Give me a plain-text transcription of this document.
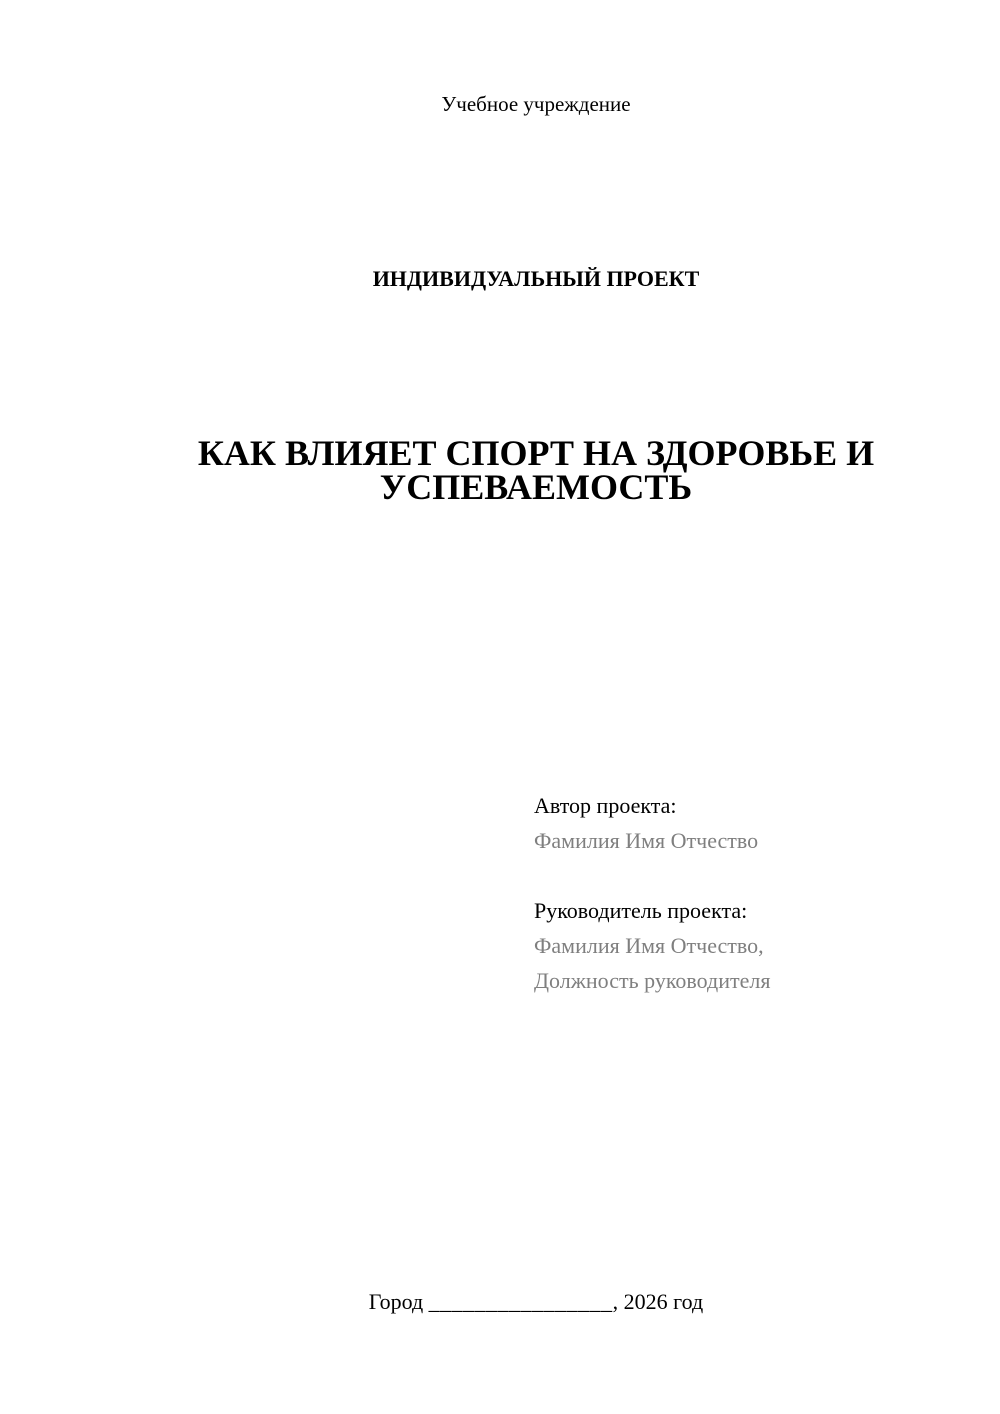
Учебное учреждение
ИНДИВИДУАЛЬНЫЙ ПРОЕКТ
КАК ВЛИЯЕТ СПОРТ НА ЗДОРОВЬЕ И УСПЕВАЕМОСТЬ
Автор проекта:
Фамилия Имя Отчество
Руководитель проекта:
Фамилия Имя Отчество,
Должность руководителя
Город ________________, 2026 год
